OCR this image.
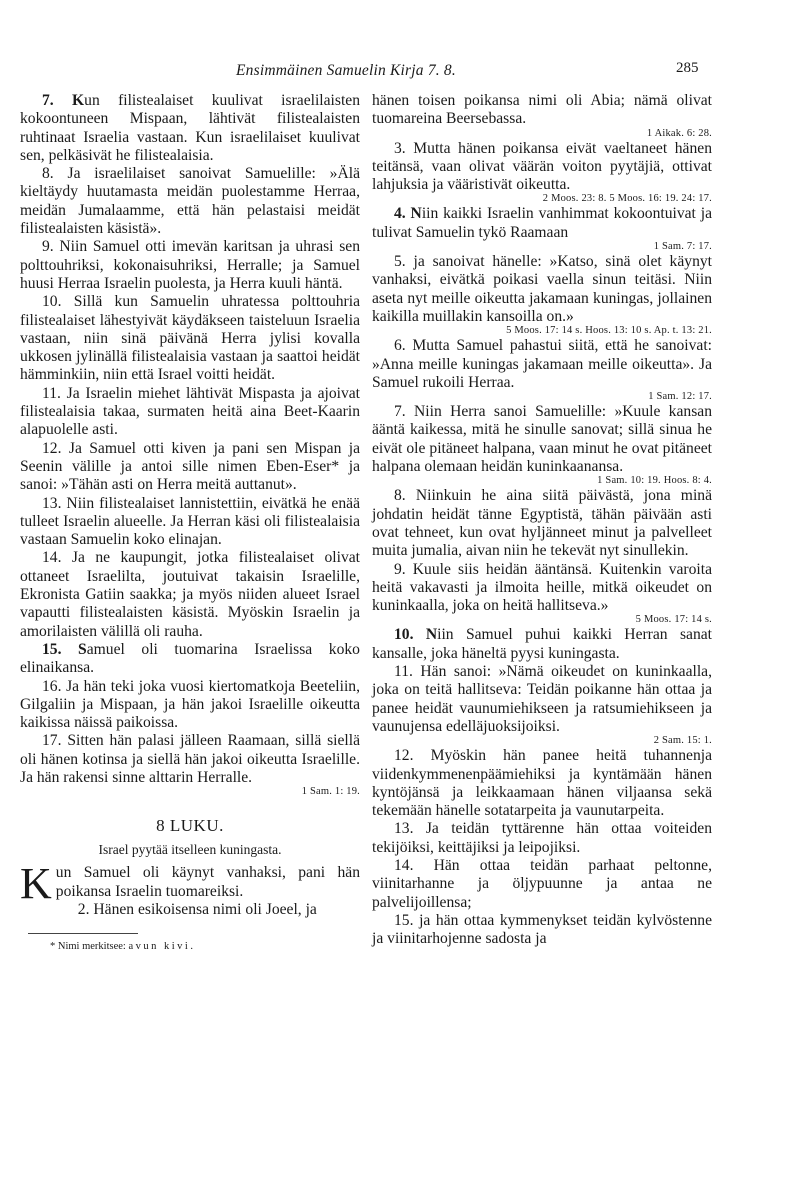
Ensimmäinen Samuelin Kirja 7. 8.	285

7. Kun filistealaiset kuulivat israelilaisten kokoontuneen Mispaan, lähtivät filistealaisten ruhtinaat Israelia vastaan. Kun israelilaiset kuulivat sen, pelkäsivät he filistealaisia.

8. Ja israelilaiset sanoivat Samuelille: »Älä kieltäydy huutamasta meidän puolestamme Herraa, meidän Jumalaamme, että hän pelastaisi meidät filistealaisten käsistä».

9. Niin Samuel otti imevän karitsan ja uhrasi sen polttouhriksi, kokonaisuhriksi, Herralle; ja Samuel huusi Herraa Israelin puolesta, ja Herra kuuli häntä.

10. Sillä kun Samuelin uhratessa polttouhria filistealaiset lähestyivät käydäkseen taisteluun Israelia vastaan, niin sinä päivänä Herra jylisi kovalla ukkosen jylinällä filistealaisia vastaan ja saattoi heidät hämminkiin, niin että Israel voitti heidät.

11. Ja Israelin miehet lähtivät Mispasta ja ajoivat filistealaisia takaa, surmaten heitä aina Beet-Kaarin alapuolelle asti.

12. Ja Samuel otti kiven ja pani sen Mispan ja Seenin välille ja antoi sille nimen Eben-Eser* ja sanoi: »Tähän asti on Herra meitä auttanut».

13. Niin filistealaiset lannistettiin, eivätkä he enää tulleet Israelin alueelle. Ja Herran käsi oli filistealaisia vastaan Samuelin koko elinajan.

14. Ja ne kaupungit, jotka filistealaiset olivat ottaneet Israelilta, joutuivat takaisin Israelille, Ekronista Gatiin saakka; ja myös niiden alueet Israel vapautti filistealaisten käsistä. Myöskin Israelin ja amorilaisten välillä oli rauha.

15. Samuel oli tuomarina Israelissa koko elinaikansa.

16. Ja hän teki joka vuosi kiertomatkoja Beeteliin, Gilgaliin ja Mispaan, ja hän jakoi Israelille oikeutta kaikissa näissä paikoissa.

17. Sitten hän palasi jälleen Raamaan, sillä siellä oli hänen kotinsa ja siellä hän jakoi oikeutta Israelille. Ja hän rakensi sinne alttarin Herralle.
1 Sam. 1: 19.

8 LUKU.
Israel pyytää itselleen kuningasta.

Kun Samuel oli käynyt vanhaksi, pani hän poikansa Israelin tuomareiksi.

2. Hänen esikoisensa nimi oli Joeel, ja

* Nimi merkitsee: avun kivi.

hänen toisen poikansa nimi oli Abia; nämä olivat tuomareina Beersebassa.
1 Aikak. 6: 28.

3. Mutta hänen poikansa eivät vaeltaneet hänen teitänsä, vaan olivat väärän voiton pyytäjiä, ottivat lahjuksia ja vääristivät oikeutta.
2 Moos. 23: 8. 5 Moos. 16: 19. 24: 17.

4. Niin kaikki Israelin vanhimmat kokoontuivat ja tulivat Samuelin tykö Raamaan
1 Sam. 7: 17.

5. ja sanoivat hänelle: »Katso, sinä olet käynyt vanhaksi, eivätkä poikasi vaella sinun teitäsi. Niin aseta nyt meille oikeutta jakamaan kuningas, jollainen kaikilla muillakin kansoilla on.»
5 Moos. 17: 14 s. Hoos. 13: 10 s. Ap. t. 13: 21.

6. Mutta Samuel pahastui siitä, että he sanoivat: »Anna meille kuningas jakamaan meille oikeutta». Ja Samuel rukoili Herraa.
1 Sam. 12: 17.

7. Niin Herra sanoi Samuelille: »Kuule kansan ääntä kaikessa, mitä he sinulle sanovat; sillä sinua he eivät ole pitäneet halpana, vaan minut he ovat pitäneet halpana olemaan heidän kuninkaanansa.
1 Sam. 10: 19. Hoos. 8: 4.

8. Niinkuin he aina siitä päivästä, jona minä johdatin heidät tänne Egyptistä, tähän päivään asti ovat tehneet, kun ovat hyljänneet minut ja palvelleet muita jumalia, aivan niin he tekevät nyt sinullekin.

9. Kuule siis heidän ääntänsä. Kuitenkin varoita heitä vakavasti ja ilmoita heille, mitkä oikeudet on kuninkaalla, joka on heitä hallitseva.»
5 Moos. 17: 14 s.

10. Niin Samuel puhui kaikki Herran sanat kansalle, joka häneltä pyysi kuningasta.

11. Hän sanoi: »Nämä oikeudet on kuninkaalla, joka on teitä hallitseva: Teidän poikanne hän ottaa ja panee heidät vaunumiehikseen ja ratsumiehikseen ja vaunujensa edelläjuoksijoiksi.
2 Sam. 15: 1.

12. Myöskin hän panee heitä tuhannenja viidenkymmenenpäämiehiksi ja kyntämään hänen kyntöjänsä ja leikkaamaan hänen viljaansa sekä tekemään hänelle sotatarpeita ja vaunutarpeita.

13. Ja teidän tyttärenne hän ottaa voiteiden tekijöiksi, keittäjiksi ja leipojiksi.

14. Hän ottaa teidän parhaat peltonne, viinitarhanne ja öljypuunne ja antaa ne palvelijoillensa;

15. ja hän ottaa kymmenykset teidän kylvöstenne ja viinitarhojenne sadosta ja
